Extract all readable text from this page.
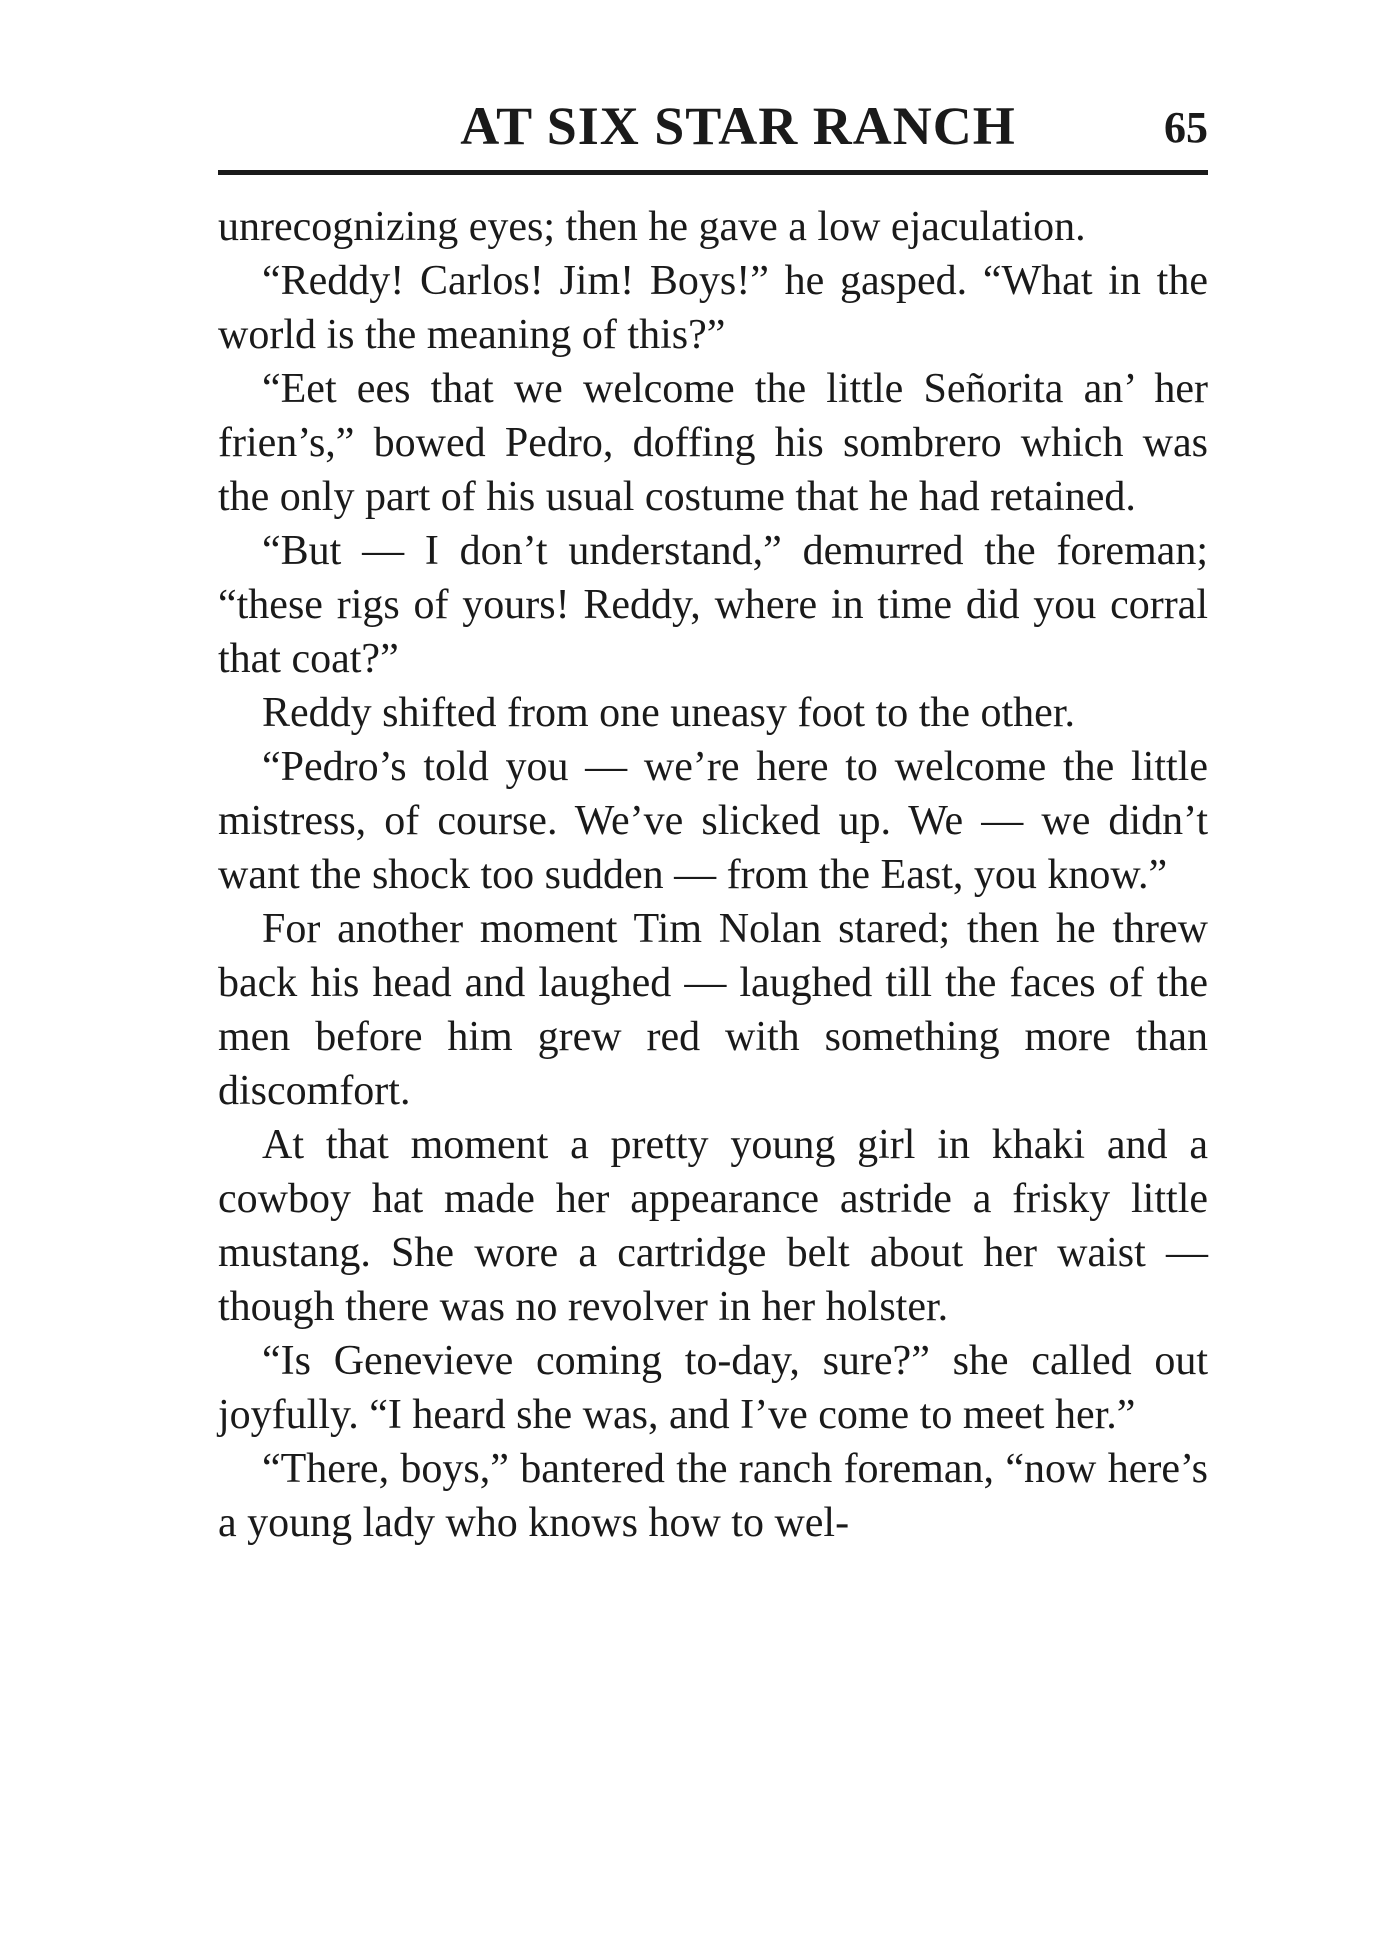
AT SIX STAR RANCH	65

unrecognizing eyes; then he gave a low ejaculation.

“Reddy! Carlos! Jim! Boys!” he gasped. “What in the world is the meaning of this?”

“Eet ees that we welcome the little Señorita an’ her frien’s,” bowed Pedro, doffing his sombrero which was the only part of his usual costume that he had retained.

“But — I don’t understand,” demurred the foreman; “these rigs of yours! Reddy, where in time did you corral that coat?”

Reddy shifted from one uneasy foot to the other.

“Pedro’s told you — we’re here to welcome the little mistress, of course. We’ve slicked up. We — we didn’t want the shock too sudden — from the East, you know.”

For another moment Tim Nolan stared; then he threw back his head and laughed — laughed till the faces of the men before him grew red with something more than discomfort.

At that moment a pretty young girl in khaki and a cowboy hat made her appearance astride a frisky little mustang. She wore a cartridge belt about her waist — though there was no revolver in her holster.

“Is Genevieve coming to-day, sure?” she called out joyfully. “I heard she was, and I’ve come to meet her.”

“There, boys,” bantered the ranch foreman, “now here’s a young lady who knows how to wel-
